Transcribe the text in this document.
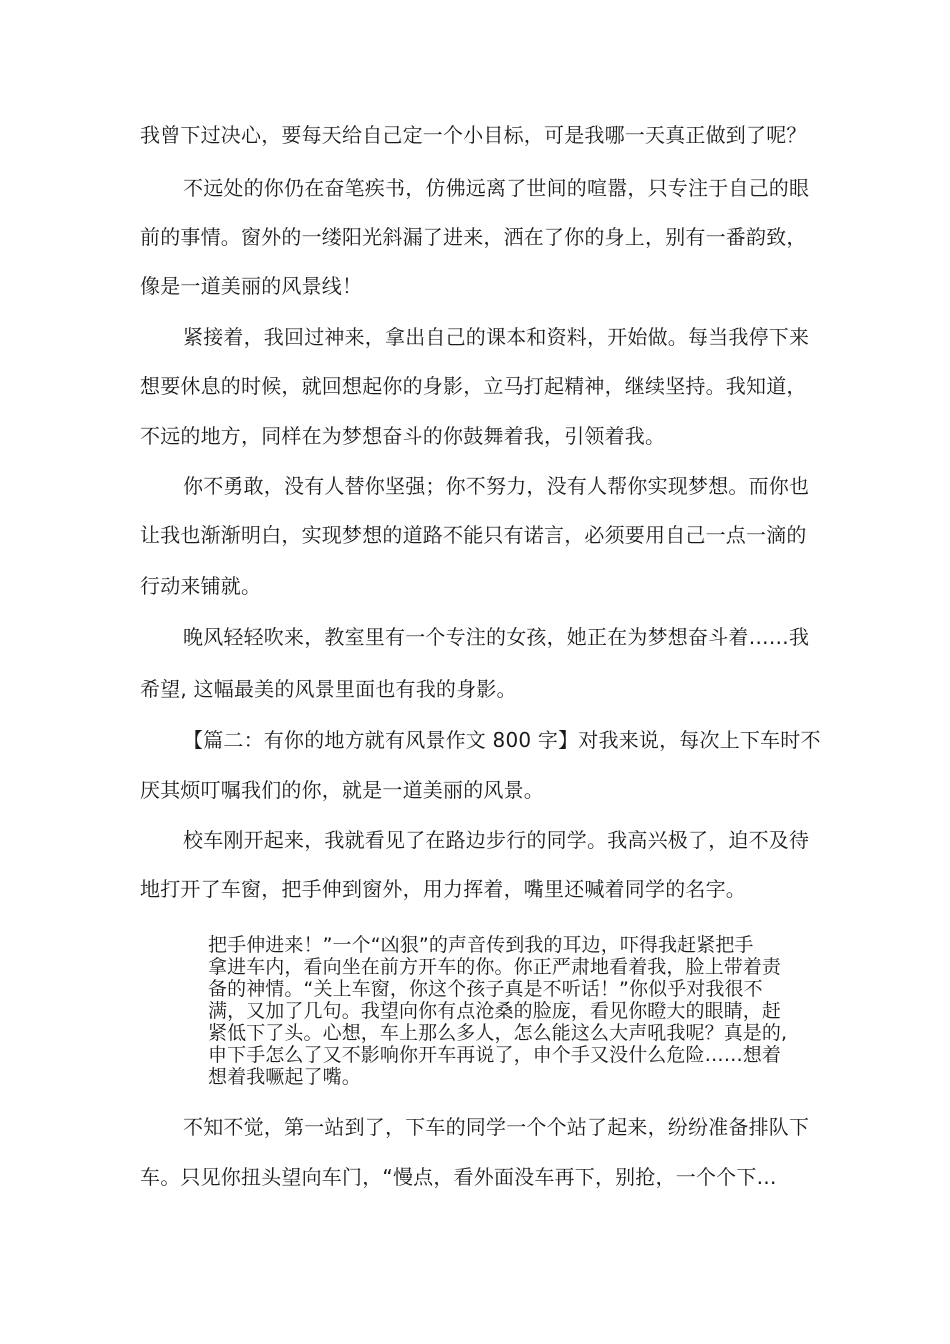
我曾下过决心，要每天给自己定一个小目标，可是我哪一天真正做到了呢？
不远处的你仍在奋笔疾书，仿佛远离了世间的喧嚣，只专注于自己的眼
前的事情。窗外的一缕阳光斜漏了进来，洒在了你的身上，别有一番韵致，
像是一道美丽的风景线！
紧接着，我回过神来，拿出自己的课本和资料，开始做。每当我停下来
想要休息的时候，就回想起你的身影，立马打起精神，继续坚持。我知道，
不远的地方，同样在为梦想奋斗的你鼓舞着我，引领着我。
你不勇敢，没有人替你坚强；你不努力，没有人帮你实现梦想。而你也
让我也渐渐明白，实现梦想的道路不能只有诺言，必须要用自己一点一滴的
行动来铺就。
晚风轻轻吹来，教室里有一个专注的女孩，她正在为梦想奋斗着……我
希望, 这幅最美的风景里面也有我的身影。
【篇二：有你的地方就有风景作文 800 字】对我来说，每次上下车时不
厌其烦叮嘱我们的你，就是一道美丽的风景。
校车刚开起来，我就看见了在路边步行的同学。我高兴极了，迫不及待
地打开了车窗，把手伸到窗外，用力挥着，嘴里还喊着同学的名字。
把手伸进来！”一个“凶狠”的声音传到我的耳边，吓得我赶紧把手
拿进车内，看向坐在前方开车的你。你正严肃地看着我，脸上带着责
备的神情。“关上车窗，你这个孩子真是不听话！”你似乎对我很不
满，又加了几句。我望向你有点沧桑的脸庞，看见你瞪大的眼睛，赶
紧低下了头。心想，车上那么多人，怎么能这么大声吼我呢？真是的,
申下手怎么了又不影响你开车再说了，申个手又没什么危险……想着
想着我噘起了嘴。
不知不觉，第一站到了，下车的同学一个个站了起来，纷纷准备排队下
车。只见你扭头望向车门，“慢点，看外面没车再下，别抢，一个个下…
